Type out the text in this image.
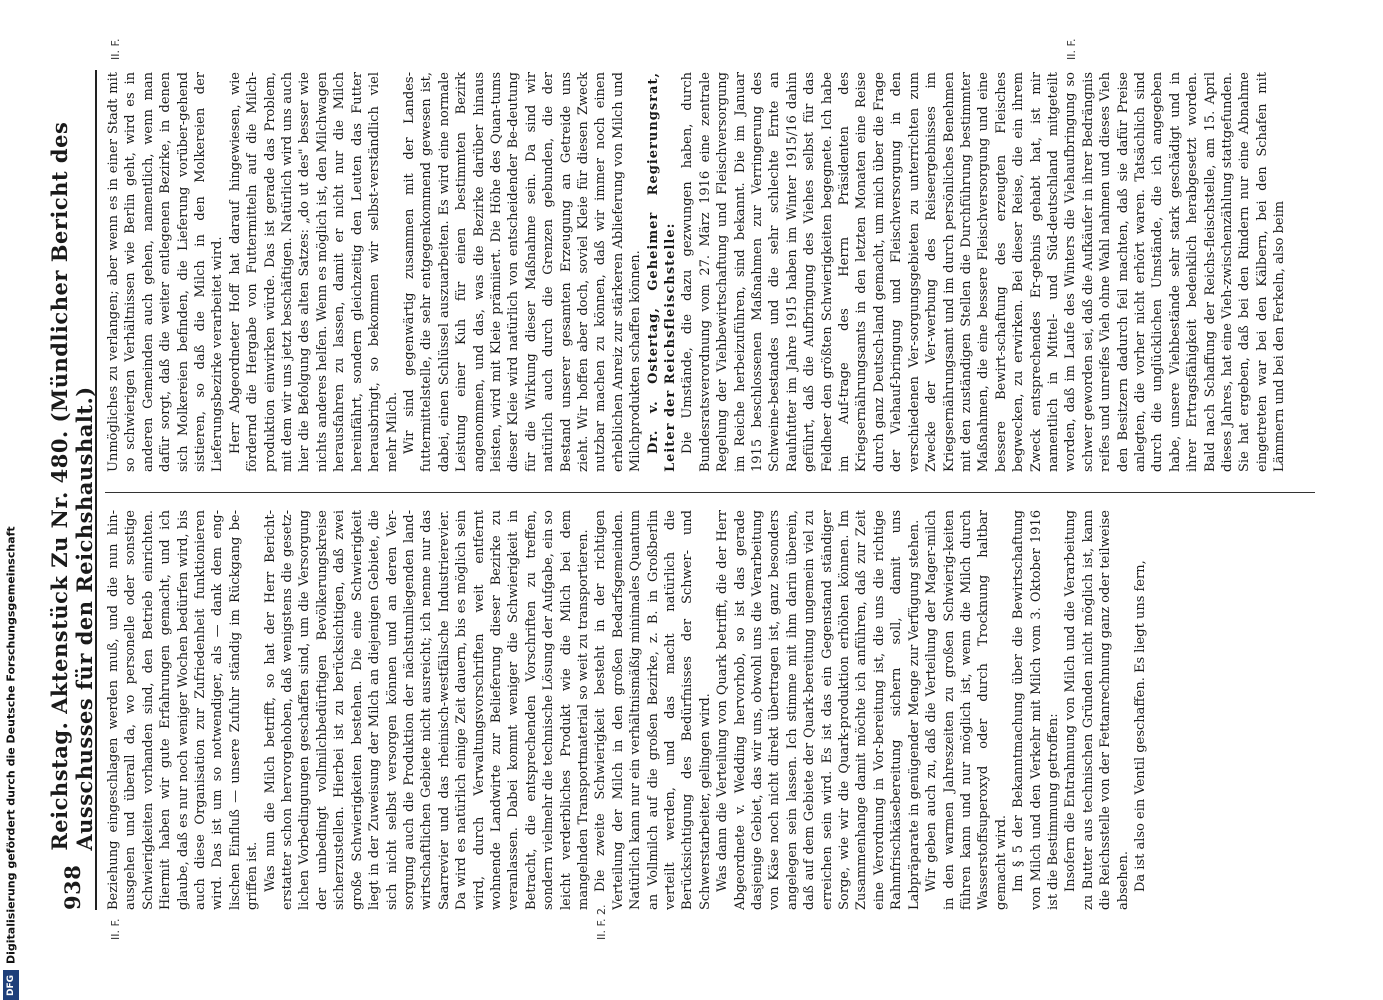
DFG
Digitalisierung gefördert durch die Deutsche Forschungsgemeinschaft 938
Reichstag. Aktenstück Zu Nr. 480. (Mündlicher Bericht des Ausschusses für den Reichshaushalt.)
II. F.	II. F. 2.
II. F.	II. F.

Beziehung eingeschlagen werden muß, und die nun hin-ausgehen und überall da, wo personelle oder sonstige Schwierigkeiten vorhanden sind, den Betrieb einrichten. Hiermit haben wir gute Erfahrungen gemacht, und ich glaube, daß es nur noch weniger Wochen bedürfen wird, bis auch diese Organisation zur Zufriedenheit funktionieren wird. Das ist um so notwendiger, als — dank dem eng-lischen Einfluß — unsere Zufuhr ständig im Rückgang be-griffen ist. Was nun die Milch betrifft, so hat der Herr Bericht-erstatter schon hervorgehoben, daß wenigstens die gesetz-lichen Vorbedingungen geschaffen sind, um die Versorgung der unbedingt vollmilchbedürftigen Bevölkerungskreise sicherzustellen. Hierbei ist zu berücksichtigen, daß zwei große Schwierigkeiten bestehen. Die eine Schwierigkeit liegt in der Zuweisung der Milch an diejenigen Gebiete, die sich nicht selbst versorgen können und an deren Ver-sorgung auch die Produktion der nächstumliegenden land-wirtschaftlichen Gebiete nicht ausreicht; ich nenne nur das Saarrevier und das rheinisch-westfälische Industrierevier. Da wird es natürlich einige Zeit dauern, bis es möglich sein wird, durch Verwaltungsvorschriften weit entfernt wohnende Landwirte zur Belieferung dieser Bezirke zu veranlassen. Dabei kommt weniger die Schwierigkeit in Betracht, die entsprechenden Vorschriften zu treffen, sondern vielmehr die technische Lösung der Aufgabe, ein so leicht verderbliches Produkt wie die Milch bei dem mangelnden Transportmaterial so weit zu transportieren. Die zweite Schwierigkeit besteht in der richtigen Verteilung der Milch in den großen Bedarfsgemeinden. Natürlich kann nur ein verhältnismäßig minimales Quantum an Vollmilch auf die großen Bezirke, z. B. in Großberlin verteilt werden, und das macht natürlich die Berücksichtigung des Bedürfnisses der Schwer- und Schwerstarbeiter, gelingen wird. Was dann die Verteilung von Quark betrifft, die der Herr Abgeordnete v. Wedding hervorhob, so ist das gerade dasjenige Gebiet, das wir uns, obwohl uns die Verarbeitung von Käse noch nicht direkt übertragen ist, ganz besonders angelegen sein lassen. Ich stimme mit ihm darin überein, daß auf dem Gebiete der Quark-bereitung ungemein viel zu erreichen sein wird. Es ist das ein Gegenstand ständiger Sorge, wie wir die Quark-produktion erhöhen können. Im Zusammenhange damit möchte ich anführen, daß zur Zeit eine Verordnung in Vor-bereitung ist, die uns die richtige Rahmfrischkäsebereitung sichern soll, damit uns Labpräparate in genügender Menge zur Verfügung stehen. Wir geben auch zu, daß die Verteilung der Mager-milch in den warmen Jahreszeiten zu großen Schwierig-keiten führen kann und nur möglich ist, wenn die Milch durch Wasserstoffsuperoxyd oder durch Trocknung haltbar gemacht wird. Im § 5 der Bekanntmachung über die Bewirtschaftung von Milch und den Verkehr mit Milch vom 3. Oktober 1916 ist die Bestimmung getroffen: Insofern die Entrahmung von Milch und die Verarbeitung zu Butter aus technischen Gründen nicht möglich ist, kann die Reichsstelle von der Fettanrechnung ganz oder teilweise absehen. Da ist also ein Ventil geschaffen. Es liegt uns fern,

Unmögliches zu verlangen; aber wenn es in einer Stadt mit so schwierigen Verhältnissen wie Berlin geht, wird es in anderen Gemeinden auch gehen, namentlich, wenn man dafür sorgt, daß die weiter entlegenen Bezirke, in denen sich Molkereien befinden, die Lieferung vorüber-gehend sistieren, so daß die Milch in den Molkereien der Lieferungsbezirke verarbeitet wird. Herr Abgeordneter Hoff hat darauf hingewiesen, wie fördernd die Hergabe von Futtermitteln auf die Milch-produktion einwirken würde. Das ist gerade das Problem, mit dem wir uns jetzt beschäftigen. Natürlich wird uns auch hier die Befolgung des alten Satzes: „do ut des" besser wie nichts anderes helfen. Wenn es möglich ist, den Milchwagen herausfahren zu lassen, damit er nicht nur die Milch hereinfährt, sondern gleichzeitig den Leuten das Futter herausbringt, so bekommen wir selbst-verständlich viel mehr Milch. Wir sind gegenwärtig zusammen mit der Landes-futtermittelstelle, die sehr entgegenkommend gewesen ist, dabei, einen Schlüssel auszuarbeiten. Es wird eine normale Leistung einer Kuh für einen bestimmten Bezirk angenommen, und das, was die Bezirke darüber hinaus leisten, wird mit Kleie prämiiert. Die Höhe des Quan-tums dieser Kleie wird natürlich von entscheidender Be-deutung für die Wirkung dieser Maßnahme sein. Da sind wir natürlich auch durch die Grenzen gebunden, die der Bestand unserer gesamten Erzeugung an Getreide uns zieht. Wir hoffen aber doch, soviel Kleie für diesen Zweck nutzbar machen zu können, daß wir immer noch einen erheblichen Anreiz zur stärkeren Ablieferung von Milch und Milchprodukten schaffen können. Dr. v. Ostertag, Geheimer Regierungsrat, Leiter der Reichsfleischstelle: Die Umstände, die dazu gezwungen haben, durch Bundesratsverordnung vom 27. März 1916 eine zentrale Regelung der Viehbewirtschaftung und Fleischversorgung im Reiche herbeizuführen, sind bekannt. Die im Januar 1915 beschlossenen Maßnahmen zur Verringerung des Schweine-bestandes und die sehr schlechte Ernte an Rauhfutter im Jahre 1915 haben im Winter 1915/16 dahin geführt, daß die Aufbringung des Viehes selbst für das Feldheer den größten Schwierigkeiten begegnete. Ich habe im Auf-trage des Herrn Präsidenten des Kriegsernährungsamts in den letzten Monaten eine Reise durch ganz Deutsch-land gemacht, um mich über die Frage der Viehauf-bringung und Fleischversorgung in den verschiedenen Ver-sorgungsgebieten zu unterrichten zum Zwecke der Ver-werbung des Reiseergebnisses im Kriegsernährungsamt und im durch persönliches Benehmen mit den zuständigen Stellen die Durchführung bestimmter Maßnahmen, die eine bessere Fleischversorgung und eine bessere Bewirt-schaftung des erzeugten Fleisches begwecken, zu erwirken. Bei dieser Reise, die ein ihrem Zweck entsprechendes Er-gebnis gehabt hat, ist mir namentlich in Mittel- und Süd-deutschland mitgeteilt worden, daß im Laufe des Winters die Viehaufbringung so schwer geworden sei, daß die Aufkäufer in ihrer Bedrängnis reifes und unreifes Vieh ohne Wahl nahmen und dieses Vieh den Besitzern dadurch feil machten, daß sie dafür Preise anlegten, die vorher nicht erhört waren. Tatsächlich sind durch die unglücklichen Umstände, die ich angegeben habe, unsere Viehbestände sehr stark geschädigt und in ihrer Ertragsfähigkeit bedenklich herabgesetzt worden. Bald nach Schaffung der Reichs-fleischstelle, am 15. April dieses Jahres, hat eine Vieh-zwischenzählung stattgefunden. Sie hat ergeben, daß bei den Rindern nur eine Abnahme eingetreten war bei den Kälbern, bei den Schafen mit Lämmern und bei den Ferkeln, also beim
